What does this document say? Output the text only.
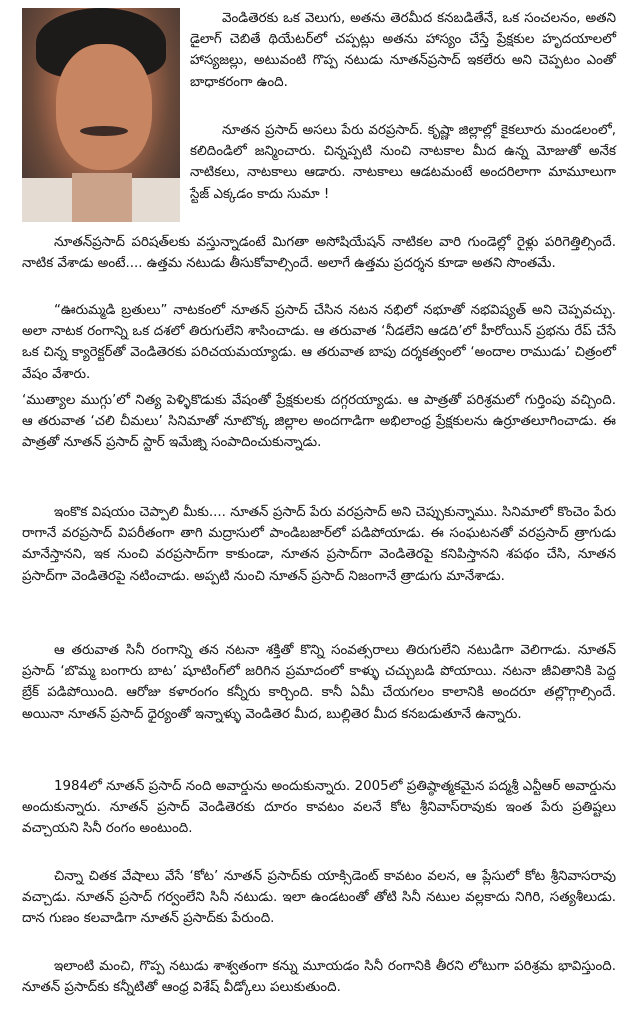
వెండితెరకు ఒక వెలుగు, అతను తెరమీద కనబడితేనే, ఒక సంచలనం, అతని డైలాగ్ చెబితే థియేటర్‌లో చప్పట్లు అతను హాస్యం చేస్తే ప్రేక్షకుల హృదయాలలో హాస్యజల్లు, అటువంటి గొప్ప నటుడు నూతన్‌ప్రసాద్ ఇకలేరు అని చెప్పటం ఎంతో బాధాకరంగా ఉంది.

నూతన ప్రసాద్ అసలు పేరు వరప్రసాద్. కృష్ణా జిల్లాల్లో కైకలూరు మండలంలో, కలిదిండిలో జన్మించారు. చిన్నప్పటి నుంచి నాటకాల మీద ఉన్న మోజుతో అనేక నాటికలు, నాటకాలు ఆడారు. నాటకాలు ఆడటమంటే అందరిలాగా మామూలుగా స్టేజ్ ఎక్కడం కాదు సుమా !

నూతన్‌ప్రసాద్ పరిషత్‌లకు వస్తున్నాడంటే మిగతా అసోషియేషన్ నాటికల వారి గుండెల్లో రైళ్లు పరిగెత్తిల్సిందే. నాటిక వేశాడు అంటే.... ఉత్తమ నటుడు తీసుకోవాల్సిందే. అలాగే ఉత్తమ ప్రదర్శన కూడా అతని సొంతమే.

“ఊరుమ్మడి బ్రతులు” నాటకంలో నూతన్ ప్రసాద్ చేసిన నటన నభిలో నభూతో నభవిష్యత్ అని చెప్పవచ్చు. అలా నాటక రంగాన్ని ఒక దశలో తిరుగులేని శాసించాడు. ఆ తరువాత ‘నీడలేని ఆడది’లో హీరోయిన్ ప్రభను రేప్ చేసే ఒక చిన్న క్యారెక్టర్‌తో వెండితెరకు పరిచయమయ్యాడు. ఆ తరువాత బాపు దర్శకత్వంలో ‘అందాల రాముడు’ చిత్రంలో వేషం వేశారు.

‘ముత్యాల ముగ్గు’లో నిత్య పెళ్ళికొడుకు వేషంతో ప్రేక్షకులకు దగ్గరయ్యాడు. ఆ పాత్రతో పరిశ్రమలో గుర్తింపు వచ్చింది. ఆ తరువాత ‘చలి చీమలు’ సినిమాతో నూటొక్క జిల్లాల అందగాడిగా అభిలాంధ్ర ప్రేక్షకులను ఉర్రూతలూగించాడు. ఈ పాత్రతో నూతన్ ప్రసాద్ స్టార్ ఇమేజ్ని సంపాదించుకున్నాడు.

ఇంకొక విషయం చెప్పాలి మీకు.... నూతన్ ప్రసాద్ పేరు వరప్రసాద్ అని చెప్పుకున్నాము. సినిమాలో కొంచెం పేరు రాగానే వరప్రసాద్ విపరీతంగా తాగి మద్రాసులో పాండిబజార్‌లో పడిపోయాడు. ఈ సంఘటనతో వరప్రసాద్ త్రాగుడు మానేస్తానని, ఇక నుంచి వరప్రసాద్‌గా కాకుండా, నూతన ప్రసాద్‌గా వెండితెరపై కనిపిస్తానని శపథం చేసి, నూతన ప్రసాద్‌గా వెండితెరపై నటించాడు. అప్పటి నుంచి నూతన్ ప్రసాద్ నిజంగానే త్రాడుగు మానేశాడు.

ఆ తరువాత సినీ రంగాన్ని తన నటనా శక్తితో కొన్ని సంవత్సరాలు తిరుగులేని నటుడిగా వెలిగాడు. నూతన్ ప్రసాద్ ‘బొమ్మ బంగారు బాట’ షూటింగ్‌లో జరిగిన ప్రమాదంలో కాళ్ళు చచ్చుబడి పోయాయి. నటనా జీవితానికి పెద్ద బ్రేక్ పడిపోయింది. ఆరోజు కళారంగం కన్నీరు కార్చింది. కానీ ఏమీ చేయగలం కాలానికి అందరూ తల్లొగ్గాల్సిందే. అయినా నూతన్ ప్రసాద్ ధైర్యంతో ఇన్నాళ్ళు వెండితెర మీద, బుల్లితెర మీద కనబడుతూనే ఉన్నారు.

1984లో నూతన్ ప్రసాద్ నంది అవార్డును అందుకున్నారు. 2005లో ప్రతిష్ఠాత్మకమైన పద్మశ్రీ ఎన్టీఆర్ అవార్డును అందుకున్నారు. నూతన్ ప్రసాద్ వెండితెరకు దూరం కావటం వలనే కోట శ్రీనివాస్‌రావు‌కు ఇంత పేరు ప్రతిష్టలు వచ్చాయని సినీ రంగం అంటుంది.

చిన్నా చితక వేషాలు వేసే ‘కోట’ నూతన్ ప్రసాద్‌కు యాక్సిడెంట్ కావటం వలన, ఆ ప్లేసులో కోట శ్రీనివాసరావు వచ్చాడు. నూతన్ ప్రసాద్ గర్వంలేని సినీ నటుడు. ఇలా ఉండటంతో తోటి సినీ నటుల వల్లకాదు నిగిరి, సత్యశీలుడు. దాన గుణం కలవాడిగా నూతన్ ప్రసాద్‌కు పేరుంది.

ఇలాంటి మంచి, గొప్ప నటుడు శాశ్వతంగా కన్ను మూయడం సినీ రంగానికి తీరని లోటుగా పరిశ్రమ భావిస్తుంది. నూతన్ ప్రసాద్‌కు కన్నీటితో ఆంధ్ర విశేష్ వీడ్కోలు పలుకుతుంది.
